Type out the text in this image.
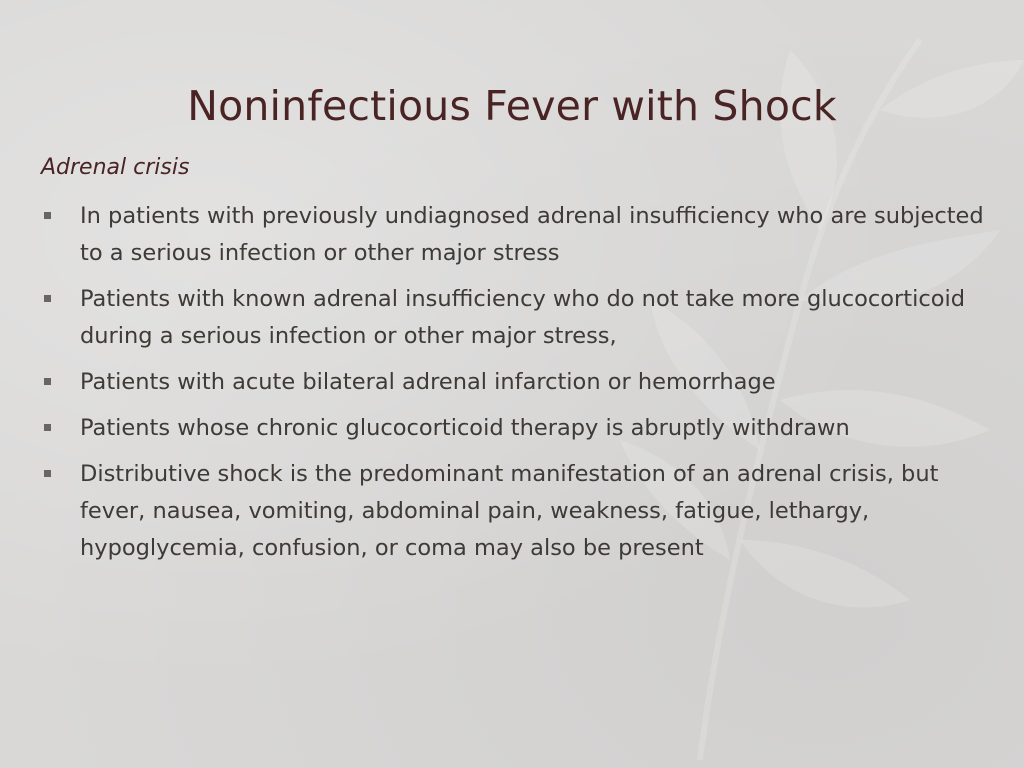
Noninfectious Fever with Shock
Adrenal crisis
In patients with previously undiagnosed adrenal insufficiency who are subjected to a serious infection or other major stress
Patients with known adrenal insufficiency who do not take more glucocorticoid during a serious infection or other major stress,
Patients with acute bilateral adrenal infarction or hemorrhage
Patients whose chronic glucocorticoid therapy is abruptly withdrawn
Distributive shock is the predominant manifestation of an adrenal crisis, but fever, nausea, vomiting, abdominal pain, weakness, fatigue, lethargy, hypoglycemia, confusion, or coma may also be present
